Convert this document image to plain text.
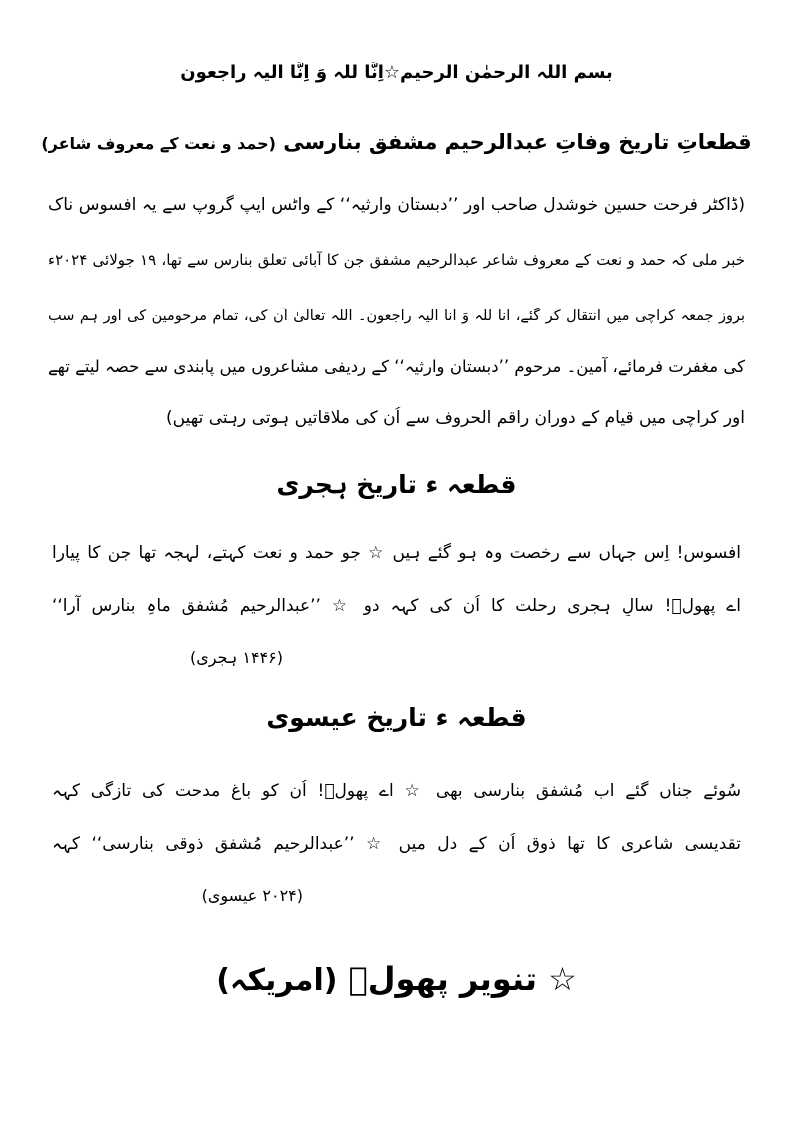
بسم اللہ الرحمٰن الرحیم☆اِنَّا للہ وَ اِنَّا الیہ راجعون
قطعاتِ تاریخ وفاتِ عبدالرحیم مشفق بنارسی (حمد و نعت کے معروف شاعر)
(ڈاکٹر فرحت حسین خوشدل صاحب اور ’’دبستان وارثیہ‘‘ کے واٹس ایپ گروپ سے یہ افسوس ناک
خبر ملی کہ حمد و نعت کے معروف شاعر عبدالرحیم مشفق جن کا آبائی تعلق بنارس سے تھا، ۱۹ جولائی ۲۰۲۴ء
بروز جمعہ کراچی میں انتقال کر گئے، انا للہ وَ انا الیہ راجعون۔ اللہ تعالیٰ اُن کی، تمام مرحومین کی اور ہم سب
کی مغفرت فرمائے، آمین۔ مرحوم ’’دبستان وارثیہ‘‘ کے ردیفی مشاعروں میں پابندی سے حصہ لیتے تھے
اور کراچی میں قیام کے دوران راقم الحروف سے اُن کی ملاقاتیں ہوتی رہتی تھیں)
قطعہ ء تاریخ ہجری
افسوس! اِس جہاں سے رخصت وہ ہو گئے ہیں ☆ جو حمد و نعت کہتے، لہجہ تھا جن کا پیارا
اے پھولؔ! سالِ ہجری رحلت کا اُن کی کہہ دو ☆ ’’عبدالرحیم مُشفق ماہِ بنارس آرا‘‘
(۱۴۴۶ ہجری)
قطعہ ء تاریخ عیسوی
سُوئے جناں گئے اب مُشفق بنارسی بھی ☆ اے پھولؔ! اُن کو باغ مدحت کی تازگی کہہ
تقدیسی شاعری کا تھا ذوق اُن کے دل میں ☆ ’’عبدالرحیم مُشفق ذوقی بنارسی‘‘ کہہ
(۲۰۲۴ عیسوی)
☆ تنویر پھولؔ (امریکہ)
